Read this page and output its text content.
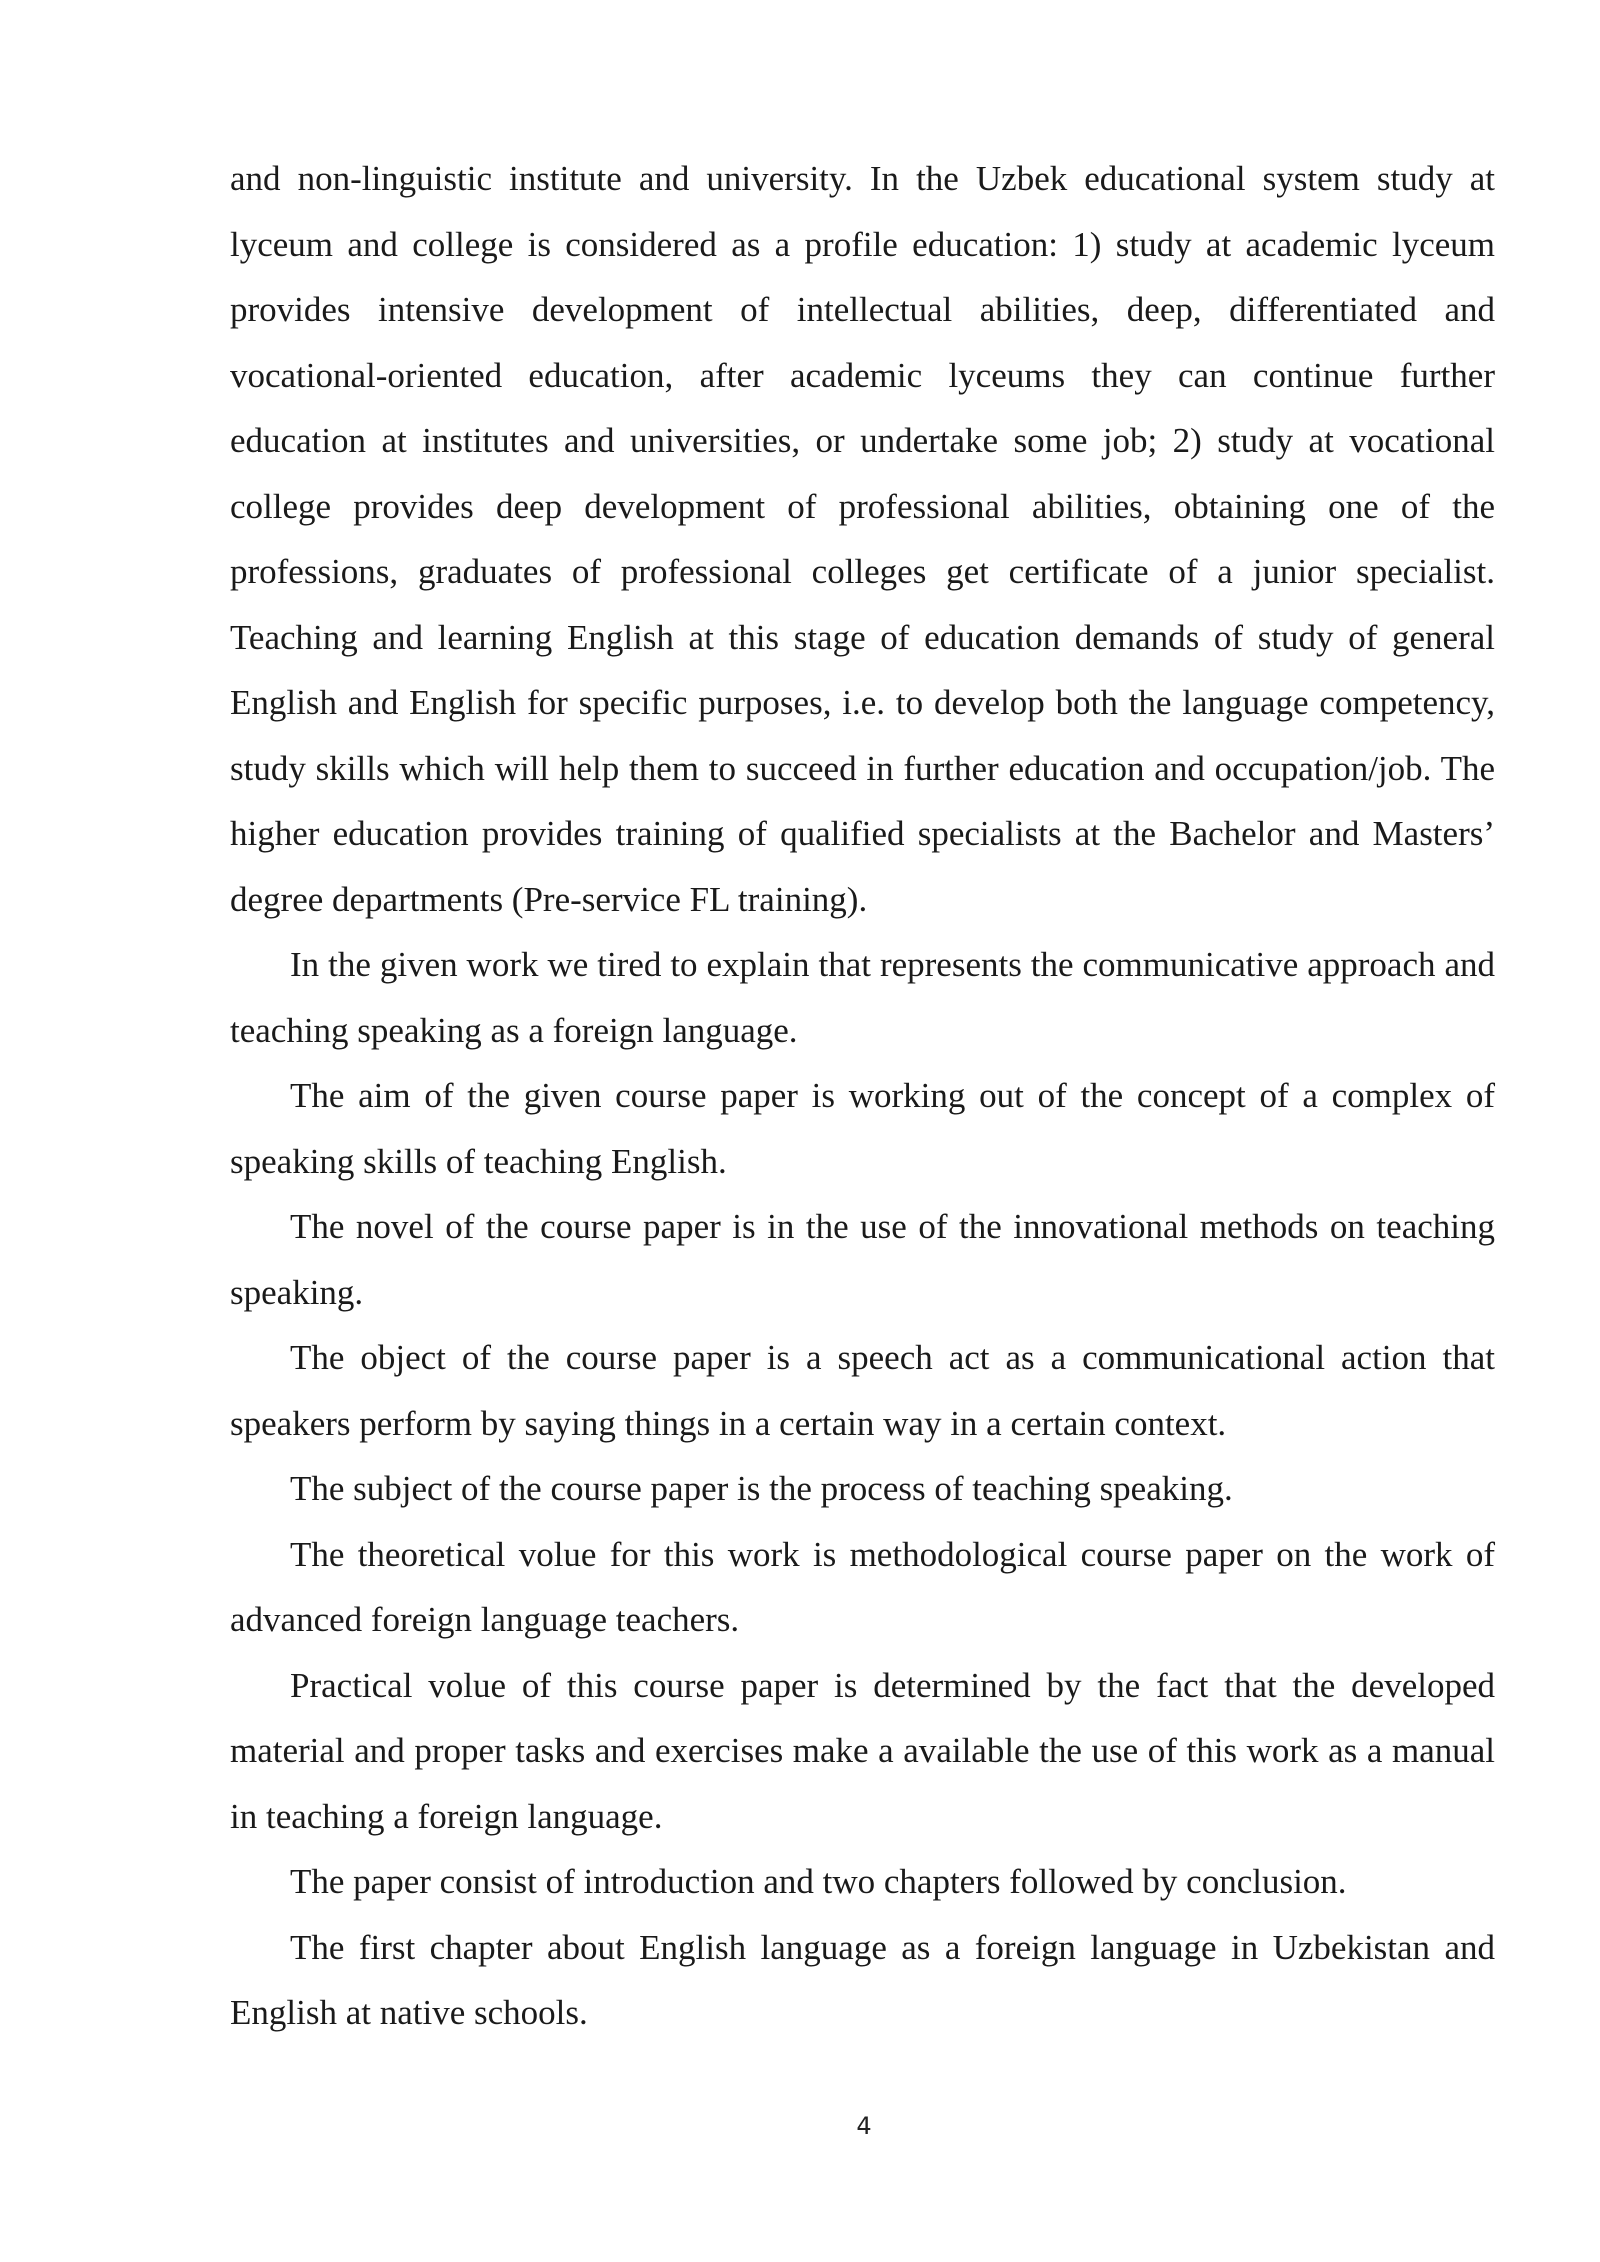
and non-linguistic institute and university. In the Uzbek educational system study at lyceum and college is considered as a profile education: 1) study at academic lyceum provides intensive development of intellectual abilities, deep, differentiated and vocational-oriented education, after academic lyceums they can continue further education at institutes and universities, or undertake some job; 2) study at vocational college provides deep development of professional abilities, obtaining one of the professions, graduates of professional colleges get certificate of a junior specialist. Teaching and learning English at this stage of education demands of study of general English and English for specific purposes, i.e. to develop both the language competency, study skills which will help them to succeed in further education and occupation/job. The higher education provides training of qualified specialists at the Bachelor and Masters’ degree departments (Pre-service FL training).

In the given work we tired to explain that represents the communicative approach and teaching speaking as a foreign language.

The aim of the given course paper is working out of the concept of a complex of speaking skills of teaching English.

The novel of the course paper is in the use of the innovational methods on teaching speaking.

The object of the course paper is a speech act as a communicational action that speakers perform by saying things in a certain way in a certain context.

The subject of the course paper is the process of teaching speaking.

The theoretical volue for this work is methodological course paper on the work of advanced foreign language teachers.

Practical volue of this course paper is determined by the fact that the developed material and proper tasks and exercises make a available the use of this work as a manual in teaching a foreign language.

The paper consist of introduction and two chapters followed by conclusion.

The first chapter about English language as a foreign language in Uzbekistan and English at native schools.

4
